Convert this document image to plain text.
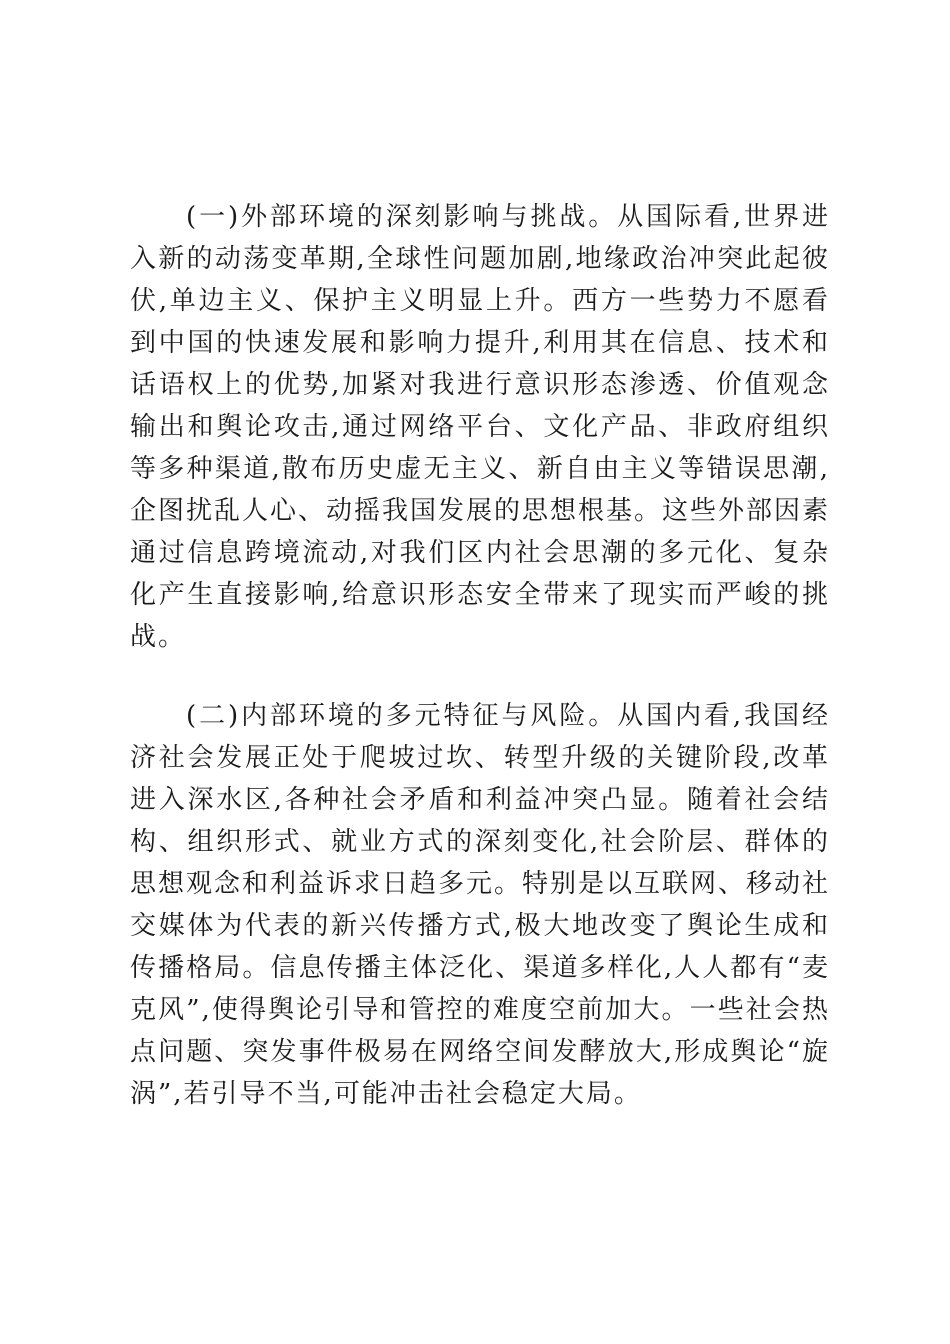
(一)外部环境的深刻影响与挑战。从国际看,世界进入新的动荡变革期,全球性问题加剧,地缘政治冲突此起彼伏,单边主义、保护主义明显上升。西方一些势力不愿看到中国的快速发展和影响力提升,利用其在信息、技术和话语权上的优势,加紧对我进行意识形态渗透、价值观念输出和舆论攻击,通过网络平台、文化产品、非政府组织等多种渠道,散布历史虚无主义、新自由主义等错误思潮,企图扰乱人心、动摇我国发展的思想根基。这些外部因素通过信息跨境流动,对我们区内社会思潮的多元化、复杂化产生直接影响,给意识形态安全带来了现实而严峻的挑战。

(二)内部环境的多元特征与风险。从国内看,我国经济社会发展正处于爬坡过坎、转型升级的关键阶段,改革进入深水区,各种社会矛盾和利益冲突凸显。随着社会结构、组织形式、就业方式的深刻变化,社会阶层、群体的思想观念和利益诉求日趋多元。特别是以互联网、移动社交媒体为代表的新兴传播方式,极大地改变了舆论生成和传播格局。信息传播主体泛化、渠道多样化,人人都有“麦克风”,使得舆论引导和管控的难度空前加大。一些社会热点问题、突发事件极易在网络空间发酵放大,形成舆论“旋涡”,若引导不当,可能冲击社会稳定大局。
